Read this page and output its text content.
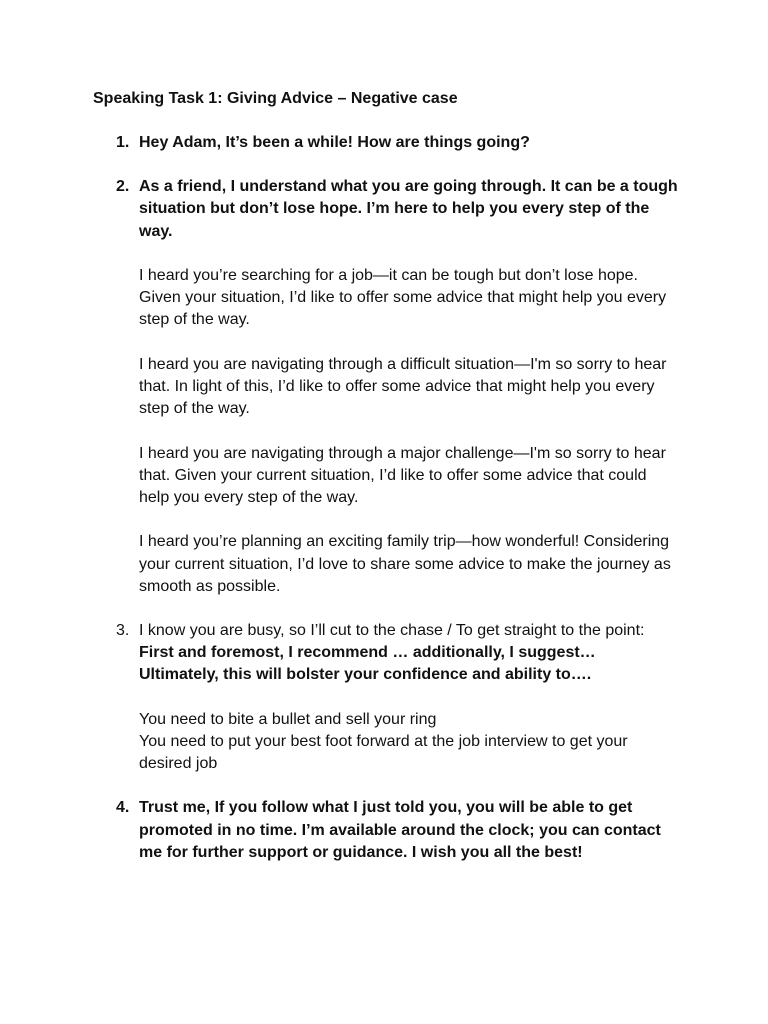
Speaking Task 1: Giving Advice – Negative case
1. Hey Adam, It’s been a while! How are things going?

2. As a friend, I understand what you are going through. It can be a tough situation but don’t lose hope. I’m here to help you every step of the way.

I heard you’re searching for a job—it can be tough but don’t lose hope. Given your situation, I’d like to offer some advice that might help you every step of the way.

I heard you are navigating through a difficult situation—I'm so sorry to hear that. In light of this, I’d like to offer some advice that might help you every step of the way.

I heard you are navigating through a major challenge—I'm so sorry to hear that. Given your current situation, I’d like to offer some advice that could help you every step of the way.

I heard you’re planning an exciting family trip—how wonderful! Considering your current situation, I’d love to share some advice to make the journey as smooth as possible.

3. I know you are busy, so I’ll cut to the chase / To get straight to the point: First and foremost, I recommend … additionally, I suggest… Ultimately, this will bolster your confidence and ability to….

You need to bite a bullet and sell your ring

You need to put your best foot forward at the job interview to get your desired job

4. Trust me, If you follow what I just told you, you will be able to get promoted in no time. I’m available around the clock; you can contact me for further support or guidance. I wish you all the best!
